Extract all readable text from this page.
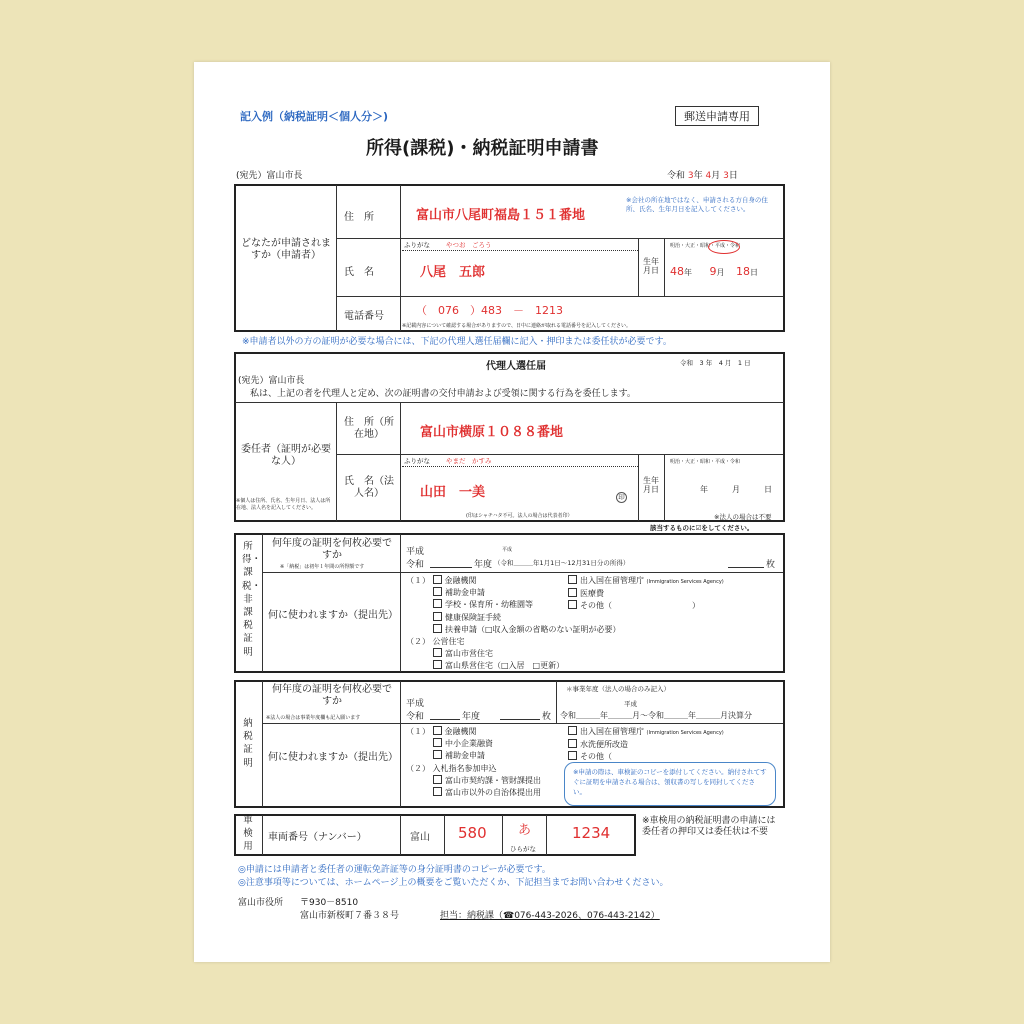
記入例（納税証明＜個人分＞)	郵送申請専用
所得(課税)・納税証明申請書
(宛先）富山市長	令和 3年 4月 3日
どなたが申請されますか（申請者）
住　所	富山市八尾町福島１５１番地
※会社の所在地ではなく、申請される方自身の住所、氏名、生年月日を記入してください。
ふりがな やつお　ごろう
氏　名	八尾　五郎
生年月日
明治・大正・昭和・平成・令和
48年 9月 18日
電話番号	（　076　）483　－　1213
※記載内容について確認する場合がありますので、日中に連絡が取れる電話番号を記入してください。
※申請者以外の方の証明が必要な場合には、下記の代理人選任届欄に記入・押印または委任状が必要です。
代理人選任届	令和　3 年　4 月　1 日
(宛先）富山市長
私は、上記の者を代理人と定め、次の証明書の交付申請および受領に関する行為を委任します。
委任者（証明が必要な人）
※個人は住所、氏名、生年月日、法人は所在地、法人名を記入してください。
住　所（所在地）	富山市横原１０８８番地
ふりがな やまだ　かすみ
氏　名（法人名）	山田　一美	印
(印はシャチハタ不可。法人の場合は代表者印）
生年月日
明治・大正・昭和・平成・令和
年　　　月　　　日
※法人の場合は不要
該当するものに☑をしてください。
所得・課税・非課税証明
何年度の証明を何枚必要ですか
※「納税」は初年１年間の所得額です
平成
令和	年度
平成
（令和＿＿＿年1月1日～12月31日分の所得）	枚
何に使われますか（提出先）
（１） 金融機関
補助金申請
学校・保育所・幼稚園等
健康保険証手続
扶養申請（□収入金額の省略のない証明が必要）
（２） 公営住宅
富山市営住宅
富山県営住宅（□入居　□更新）
出入国在留管理庁 (Immigration Services Agency)
医療費
その他（　　　　　　　　　　）
納税証明
何年度の証明を何枚必要ですか
※法人の場合は事業年度欄も記入願います
平成
令和	年度	枚
＊事業年度（法人の場合のみ記入）
平成
令和＿＿＿年＿＿＿月～令和＿＿＿年＿＿＿月決算分
何に使われますか（提出先）
（１） 金融機関
中小企業融資
補助金申請
（２） 入札指名参加申込
富山市契約課・管財課提出
富山市以外の自治体提出用
出入国在留管理庁 (Immigration Services Agency)
水洗便所改造
その他（
※申請の際は、車検証のコピーを添付してください。納付されてすぐに証明を申請される場合は、領収書の写しを同封してください。
車検用
車両番号（ナンバー）	富山 580 あ
ひらがな
1234
※車検用の納税証明書の申請には委任者の押印又は委任状は不要
◎申請には申請者と委任者の運転免許証等の身分証明書のコピーが必要です。
◎注意事項等については、ホームページ上の概要をご覧いただくか、下記担当までお問い合わせください。
富山市役所 〒930－8510
富山市新桜町７番３８号	担当：納税課（☎076-443-2026、076-443-2142）
